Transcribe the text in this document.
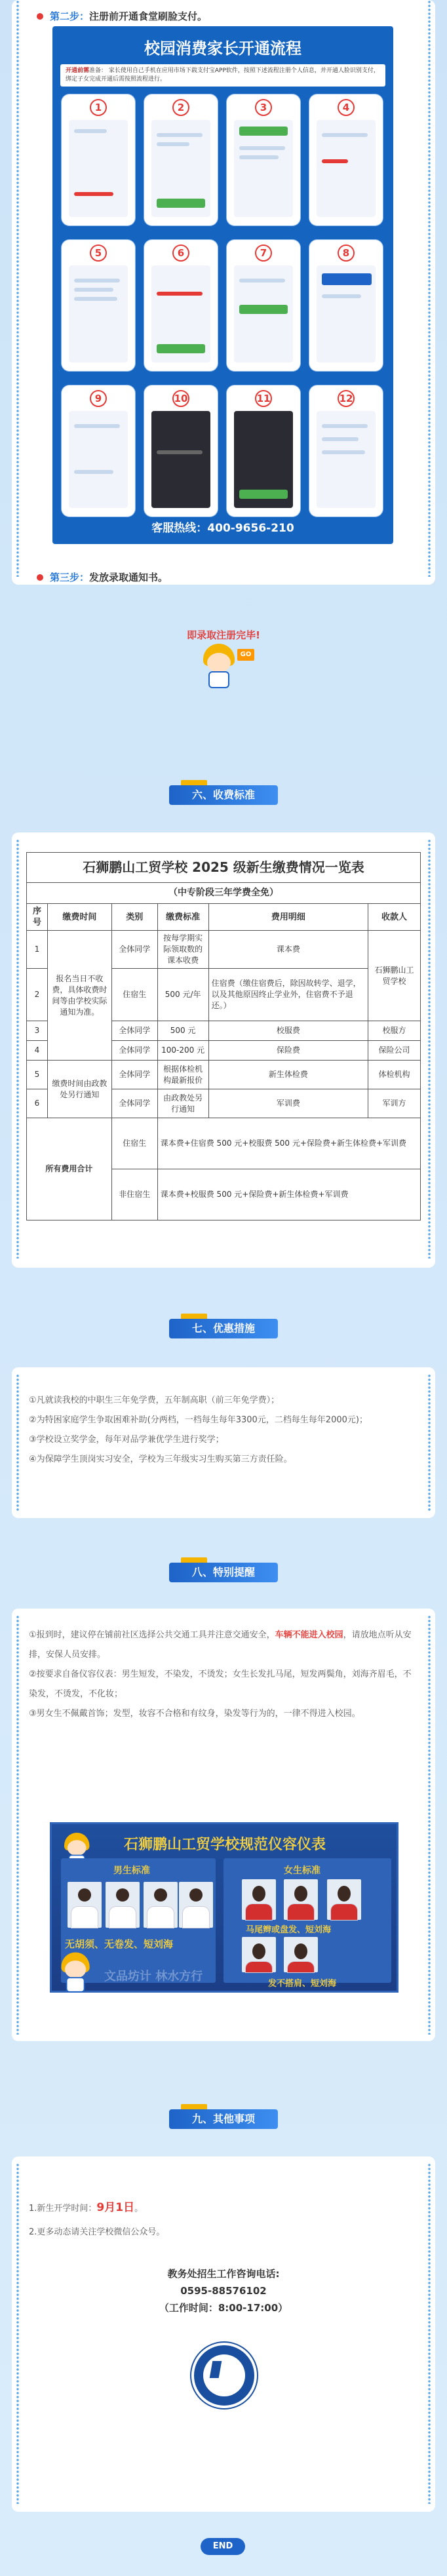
第二步： 注册前开通食堂刷脸支付。
校园消费家长开通流程
开通前需准备： 家长使用自己手机在应用市场下载支付宝APP软件，按照下述流程注册个人信息，并开通人脸识别支付，绑定子女完成开通后需按照流程进行。
1	2	3	4
5	6	7	8
9	10	11	12
客服热线：400-9656-210
第三步： 发放录取通知书。
即录取注册完毕!
GO
六、收费标准
石狮鹏山工贸学校 2025 级新生缴费情况一览表					
（中专阶段三年学费全免）					
序号	缴费时间	类别	缴费标准	费用明细	收款人
1	报名当日不收费，具体收费时间等由学校实际通知为准。	全体同学	按每学期实际领取数的课本收费	课本费	石狮鹏山工贸学校
2		住宿生	500 元/年	住宿费（缴住宿费后，除因故转学、退学，以及其他原因终止学业外，住宿费不予退还。）	
3		全体同学	500 元	校服费	校服方
4		全体同学	100-200 元	保险费	保险公司
5	缴费时间由政教处另行通知	全体同学	根据体检机构最新报价	新生体检费	体检机构
6		全体同学	由政教处另行通知	军训费	军训方
所有费用合计		住宿生	课本费+住宿费 500 元+校服费 500 元+保险费+新生体检费+军训费		
		非住宿生	课本费+校服费 500 元+保险费+新生体检费+军训费		
七、优惠措施
①凡就读我校的中职生三年免学费，五年制高职（前三年免学费）；
②为特困家庭学生争取困难补助(分两档，一档每生每年3300元，二档每生每年2000元)；
③学校设立奖学金，每年对品学兼优学生进行奖学；
④为保障学生顶岗实习安全，学校为三年级实习生购买第三方责任险。
八、特别提醒
①报到时，建议停在铺前社区选择公共交通工具并注意交通安全，车辆不能进入校园，请放地点听从安排，安保人员安排。
②按要求自备仪容仪表：男生短发，不染发，不烫发；女生长发扎马尾，短发两鬓角，刘海齐眉毛，不染发，不烫发，不化妆；
③男女生不佩戴首饰；发型，妆容不合格和有纹身，染发等行为的，一律不得进入校园。
石狮鹏山工贸学校规范仪容仪表
男生标准
无胡须、无卷发、短刘海
女生标准
马尾辫或盘发、短刘海
发不搭肩、短刘海
文品坊计 林水方行
九、其他事项
1.新生开学时间：9月1日。
2.更多动态请关注学校微信公众号。
教务处招生工作咨询电话:
0595-88576102
（工作时间：8:00-17:00）
END
